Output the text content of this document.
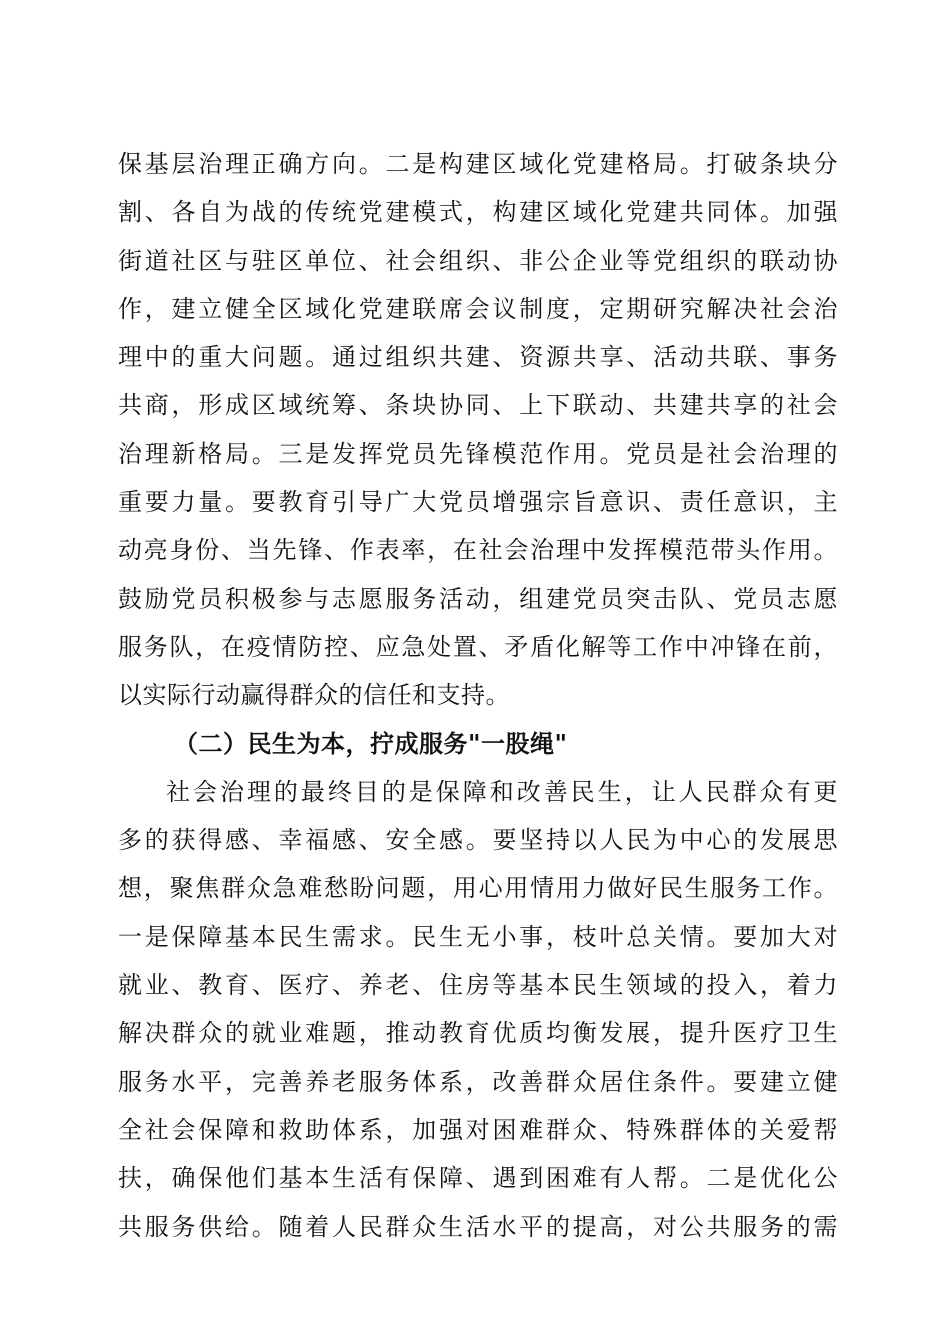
保基层治理正确方向。二是构建区域化党建格局。打破条块分
割、各自为战的传统党建模式，构建区域化党建共同体。加强
街道社区与驻区单位、社会组织、非公企业等党组织的联动协
作，建立健全区域化党建联席会议制度，定期研究解决社会治
理中的重大问题。通过组织共建、资源共享、活动共联、事务
共商，形成区域统筹、条块协同、上下联动、共建共享的社会
治理新格局。三是发挥党员先锋模范作用。党员是社会治理的
重要力量。要教育引导广大党员增强宗旨意识、责任意识，主
动亮身份、当先锋、作表率，在社会治理中发挥模范带头作用。
鼓励党员积极参与志愿服务活动，组建党员突击队、党员志愿
服务队，在疫情防控、应急处置、矛盾化解等工作中冲锋在前，
以实际行动赢得群众的信任和支持。
（二）民生为本，拧成服务"一股绳"
社会治理的最终目的是保障和改善民生，让人民群众有更
多的获得感、幸福感、安全感。要坚持以人民为中心的发展思
想，聚焦群众急难愁盼问题，用心用情用力做好民生服务工作。
一是保障基本民生需求。民生无小事，枝叶总关情。要加大对
就业、教育、医疗、养老、住房等基本民生领域的投入，着力
解决群众的就业难题，推动教育优质均衡发展，提升医疗卫生
服务水平，完善养老服务体系，改善群众居住条件。要建立健
全社会保障和救助体系，加强对困难群众、特殊群体的关爱帮
扶，确保他们基本生活有保障、遇到困难有人帮。二是优化公
共服务供给。随着人民群众生活水平的提高，对公共服务的需
